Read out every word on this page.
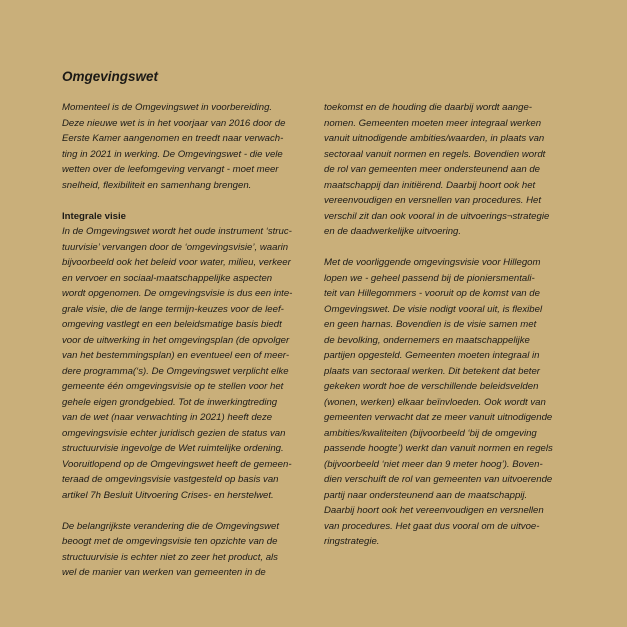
Omgevingswet
Momenteel is de Omgevingswet in voorbereiding.
Deze nieuwe wet is in het voorjaar van 2016 door de
Eerste Kamer aangenomen en treedt naar verwach-
ting in 2021 in werking. De Omgevingswet - die vele
wetten over de leefomgeving vervangt - moet meer
snelheid, flexibiliteit en samenhang brengen.
Integrale visie
In de Omgevingswet wordt het oude instrument ‘struc-
tuurvisie’ vervangen door de ‘omgevingsvisie’, waarin
bijvoorbeeld ook het beleid voor water, milieu, verkeer
en vervoer en sociaal-maatschappelijke aspecten
wordt opgenomen. De omgevingsvisie is dus een inte-
grale visie, die de lange termijn-keuzes voor de leef-
omgeving vastlegt en een beleidsmatige basis biedt
voor de uitwerking in het omgevingsplan (de opvolger
van het bestemmingsplan) en eventueel een of meer-
dere programma(‘s). De Omgevingswet verplicht elke
gemeente één omgevingsvisie op te stellen voor het
gehele eigen grondgebied. Tot de inwerkingtreding
van de wet (naar verwachting in 2021) heeft deze
omgevingsvisie echter juridisch gezien de status van
structuurvisie ingevolge de Wet ruimtelijke ordening.
Vooruitlopend op de Omgevingswet heeft de gemeen-
teraad de omgevingsvisie vastgesteld op basis van
artikel 7h Besluit Uitvoering Crises- en herstelwet.
De belangrijkste verandering die de Omgevingswet
beoogt met de omgevingsvisie ten opzichte van de
structuurvisie is echter niet zo zeer het product, als
wel de manier van werken van gemeenten in de
toekomst en de houding die daarbij wordt aange-
nomen. Gemeenten moeten meer integraal werken
vanuit uitnodigende ambities/waarden, in plaats van
sectoraal vanuit normen en regels. Bovendien wordt
de rol van gemeenten meer ondersteunend aan de
maatschappij dan initiërend. Daarbij hoort ook het
vereenvoudigen en versnellen van procedures. Het
verschil zit dan ook vooral in de uitvoerings¬strategie
en de daadwerkelijke uitvoering.
Met de voorliggende omgevingsvisie voor Hillegom
lopen we - geheel passend bij de pioniersmentali-
teit van Hillegommers - vooruit op de komst van de
Omgevingswet. De visie nodigt vooral uit, is flexibel
en geen harnas. Bovendien is de visie samen met
de bevolking, ondernemers en maatschappelijke
partijen opgesteld. Gemeenten moeten integraal in
plaats van sectoraal werken. Dit betekent dat beter
gekeken wordt hoe de verschillende beleidsvelden
(wonen, werken) elkaar beïnvloeden. Ook wordt van
gemeenten verwacht dat ze meer vanuit uitnodigende
ambities/kwaliteiten (bijvoorbeeld ‘bij de omgeving
passende hoogte’) werkt dan vanuit normen en regels
(bijvoorbeeld ‘niet meer dan 9 meter hoog’). Boven-
dien verschuift de rol van gemeenten van uitvoerende
partij naar ondersteunend aan de maatschappij.
Daarbij hoort ook het vereenvoudigen en versnellen
van procedures. Het gaat dus vooral om de uitvoe-
ringstrategie.
